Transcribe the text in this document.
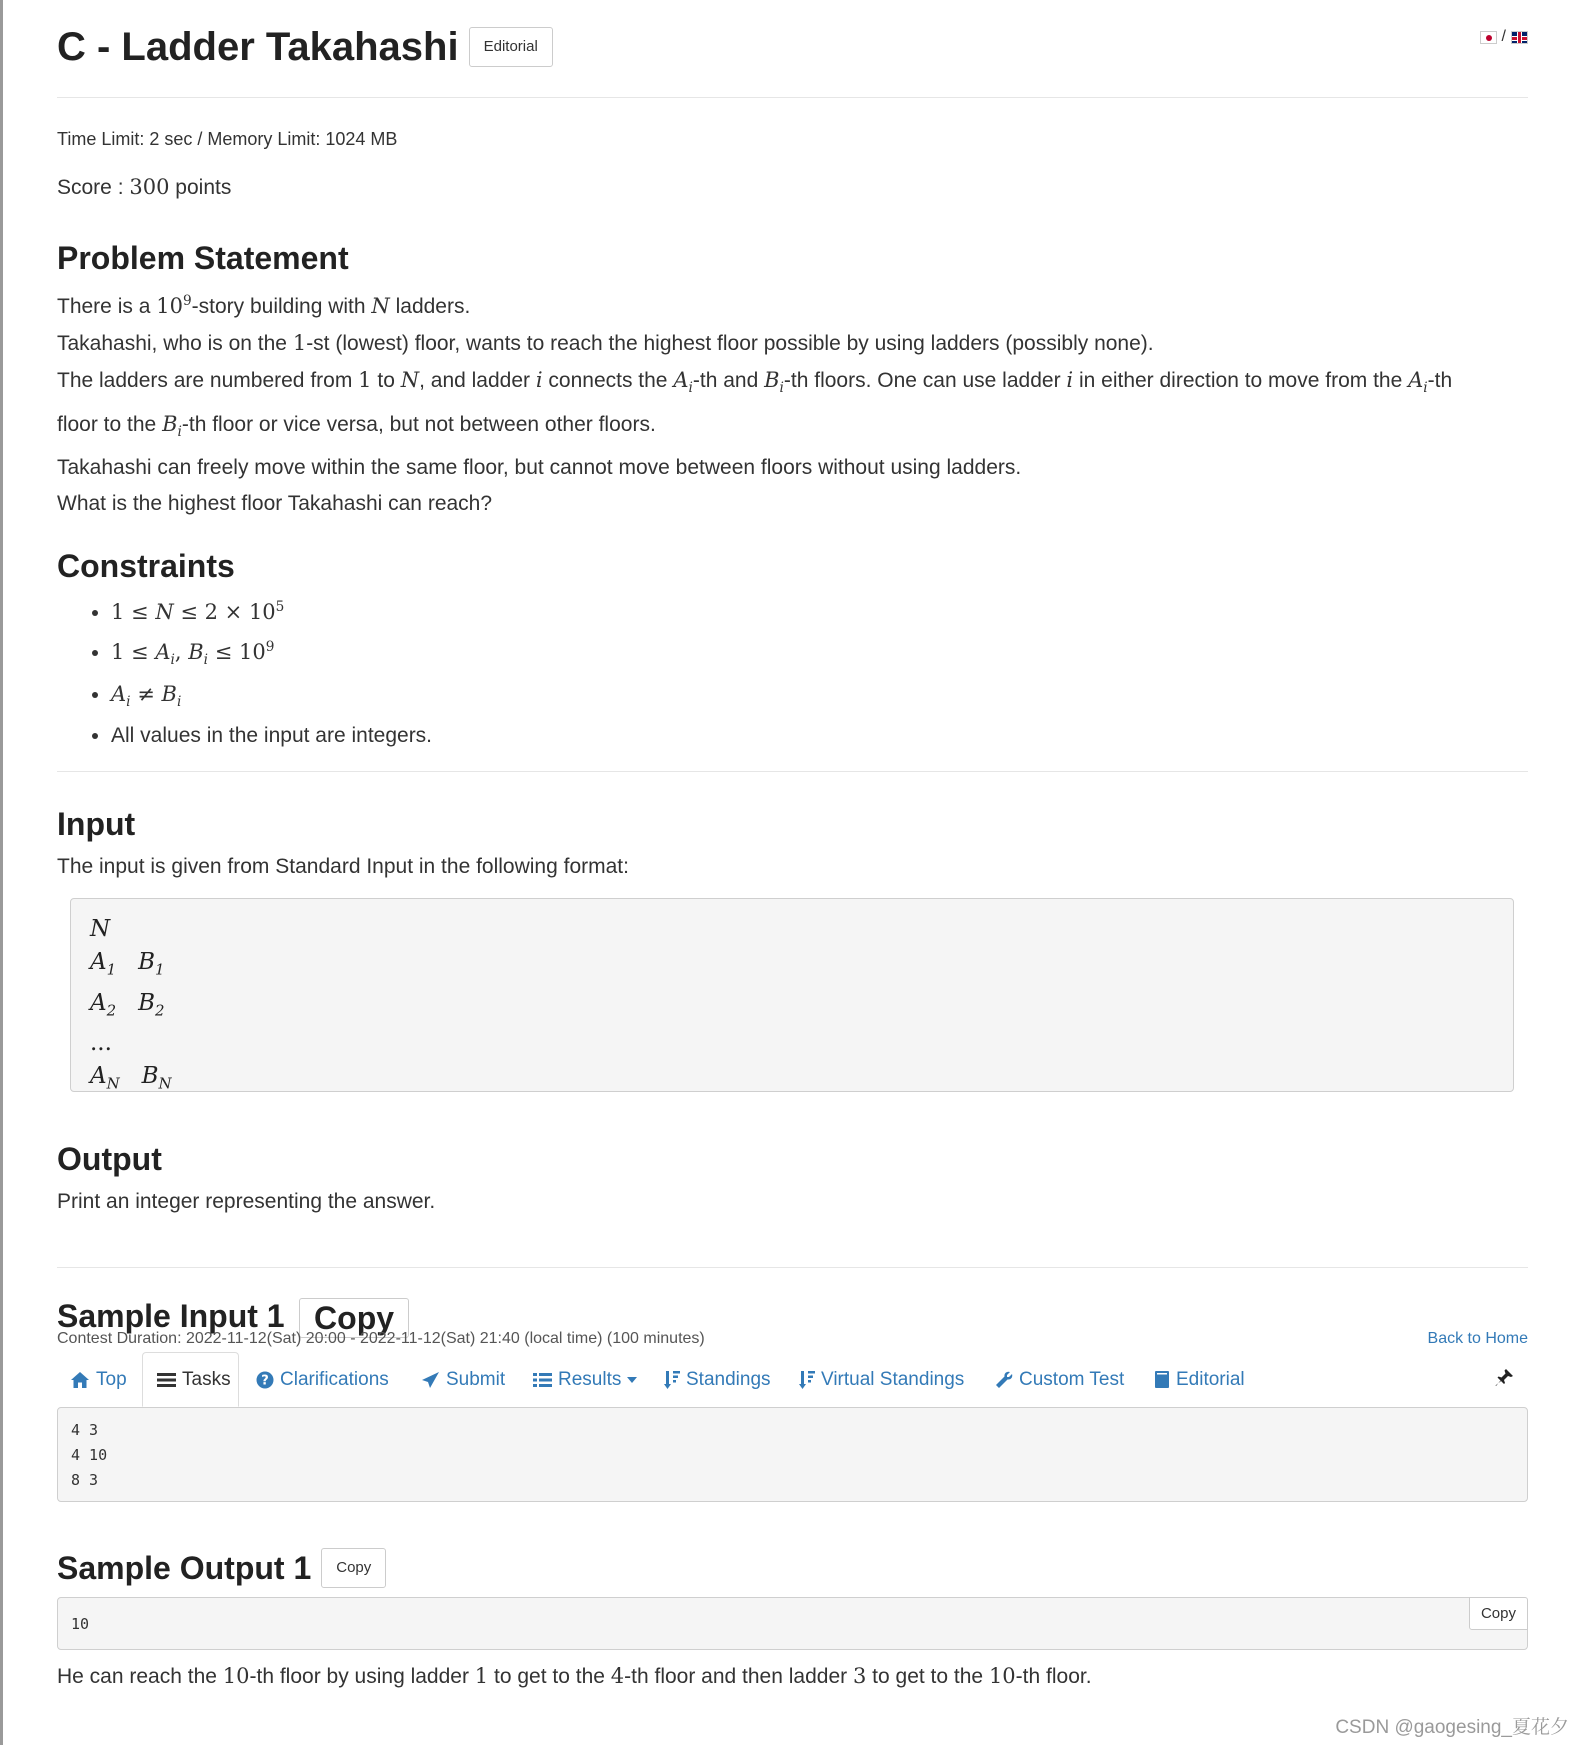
C - Ladder Takahashi	Editorial
/
Time Limit: 2 sec / Memory Limit: 1024 MB
Score : 300 points
Problem Statement

There is a $10^9$-story building with N ladders.

Takahashi, who is on the 1-st (lowest) floor, wants to reach the highest floor possible by using ladders (possibly none).

The ladders are numbered from 1 to N, and ladder i connects the $A_i-th$ and $B_i-th$ floors. One can use ladder i in either direction to move from the $A_i-th$

floor to the $B_i-th$ floor or vice versa, but not between other floors.

Takahashi can freely move within the same floor, but cannot move between floors without using ladders.

What is the highest floor Takahashi can reach?

Constraints
• $1 \le N \le 2 \times 10^5$
• $1 \le A_i$, $B_i \le 10^9$
• $A_i \ne B_i$
• All values in the input are integers.
Input
The input is given from Standard Input in the following format:
N
$A_1$ $B_1$
$A_2$ $B_2$
...
$A_N$ $B_N$
Output
Print an integer representing the answer.
Sample Input 1 Copy
Contest Duration: 2022-11-12(Sat) 20:00 - 2022-11-12(Sat) 21:40 (local time) (100 minutes)	Back to Home
Top	Tasks ? Clarifications	Submit	Results	Standings	Virtual Standings	Custom Test	Editorial
4 3
4 10
8 3
Sample Output 1	Copy
10
Copy
He can reach the 10-th floor by using ladder 1 to get to the 4-th floor and then ladder 3 to get to the 10-th floor.
CSDN @gaogesing_夏花夕
